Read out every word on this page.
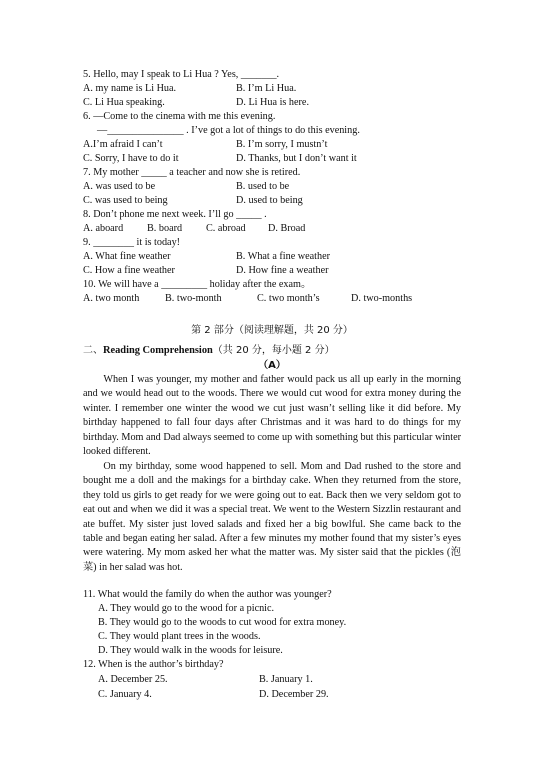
5. Hello, may I speak to Li Hua ? Yes, _______.
A. my name is Li Hua.	B. I’m Li Hua.
C. Li Hua speaking.	D. Li Hua is here.
6. —Come to the cinema with me this evening.
—_______________ . I’ve got a lot of things to do this evening.
A.I’m afraid I can’t	B. I’m sorry, I mustn’t
C. Sorry, I have to do it	D. Thanks, but I don’t want it
7. My mother _____ a teacher and now she is retired.
A. was used to be	B. used to be
C. was used to being	D. used to being
8. Don’t phone me next week. I’ll go _____ .
A. aboard B. board C. abroad D. Broad
9. ________ it is today!
A. What fine weather	B. What a fine weather
C. How a fine weather	D. How fine a weather
10. We will have a _________ holiday after the exam。
A. two month	B. two-month	C. two month’s	D. two-months
第 2 部分（阅读理解题，共 20 分）
二、Reading Comprehension（共 20 分，每小题 2 分）
（A）

When I was younger, my mother and father would pack us all up early in the morning and we would head out to the woods. There we would cut wood for extra money during the winter. I remember one winter the wood we cut just wasn’t selling like it did before. My birthday happened to fall four days after Christmas and it was hard to do things for my birthday. Mom and Dad always seemed to come up with something but this particular winter looked different.

On my birthday, some wood happened to sell. Mom and Dad rushed to the store and bought me a doll and the makings for a birthday cake. When they returned from the store, they told us girls to get ready for we were going out to eat. Back then we very seldom got to eat out and when we did it was a special treat. We went to the Western Sizzlin restaurant and ate buffet. My sister just loved salads and fixed her a big bowlful. She came back to the table and began eating her salad. After a few minutes my mother found that my sister’s eyes were watering. My mom asked her what the matter was. My sister said that the pickles (泡菜) in her salad was hot.

11. What would the family do when the author was younger?
A. They would go to the wood for a picnic.
B. They would go to the woods to cut wood for extra money.
C. They would plant trees in the woods.
D. They would walk in the woods for leisure.
12. When is the author’s birthday?
A. December 25.	B. January 1.
C. January 4.	D. December 29.
